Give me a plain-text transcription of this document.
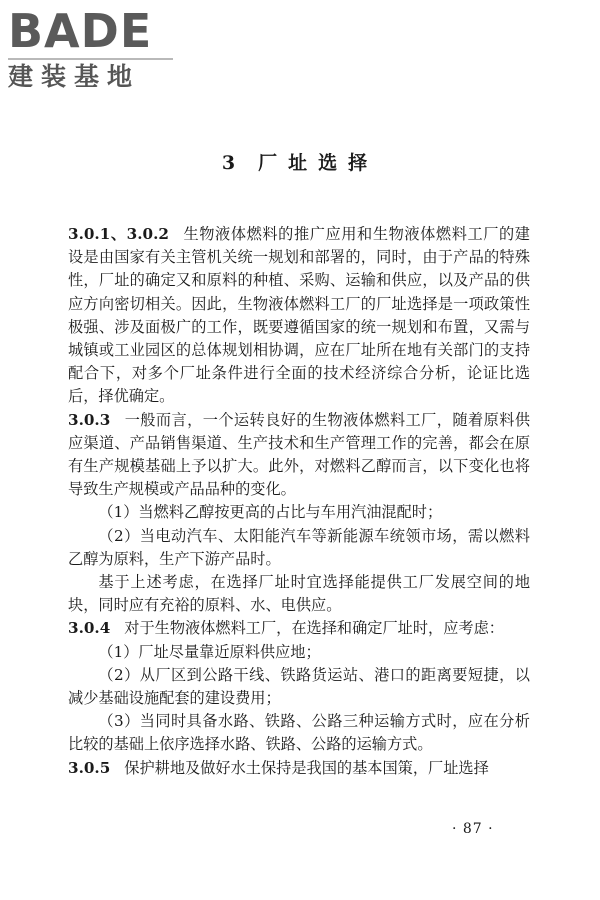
BADE
建装基地
3 厂址选择

3.0.1、3.0.2 生物液体燃料的推广应用和生物液体燃料工厂的建设是由国家有关主管机关统一规划和部署的，同时，由于产品的特殊性，厂址的确定又和原料的种植、采购、运输和供应，以及产品的供应方向密切相关。因此，生物液体燃料工厂的厂址选择是一项政策性极强、涉及面极广的工作，既要遵循国家的统一规划和布置，又需与城镇或工业园区的总体规划相协调，应在厂址所在地有关部门的支持配合下，对多个厂址条件进行全面的技术经济综合分析，论证比选后，择优确定。

3.0.3 一般而言，一个运转良好的生物液体燃料工厂，随着原料供应渠道、产品销售渠道、生产技术和生产管理工作的完善，都会在原有生产规模基础上予以扩大。此外，对燃料乙醇而言，以下变化也将导致生产规模或产品品种的变化。

（1）当燃料乙醇按更高的占比与车用汽油混配时；

（2）当电动汽车、太阳能汽车等新能源车统领市场，需以燃料乙醇为原料，生产下游产品时。

基于上述考虑，在选择厂址时宜选择能提供工厂发展空间的地块，同时应有充裕的原料、水、电供应。

3.0.4 对于生物液体燃料工厂，在选择和确定厂址时，应考虑：

（1）厂址尽量靠近原料供应地；

（2）从厂区到公路干线、铁路货运站、港口的距离要短捷，以减少基础设施配套的建设费用；

（3）当同时具备水路、铁路、公路三种运输方式时，应在分析比较的基础上依序选择水路、铁路、公路的运输方式。

3.0.5 保护耕地及做好水土保持是我国的基本国策，厂址选择

· 87 ·
